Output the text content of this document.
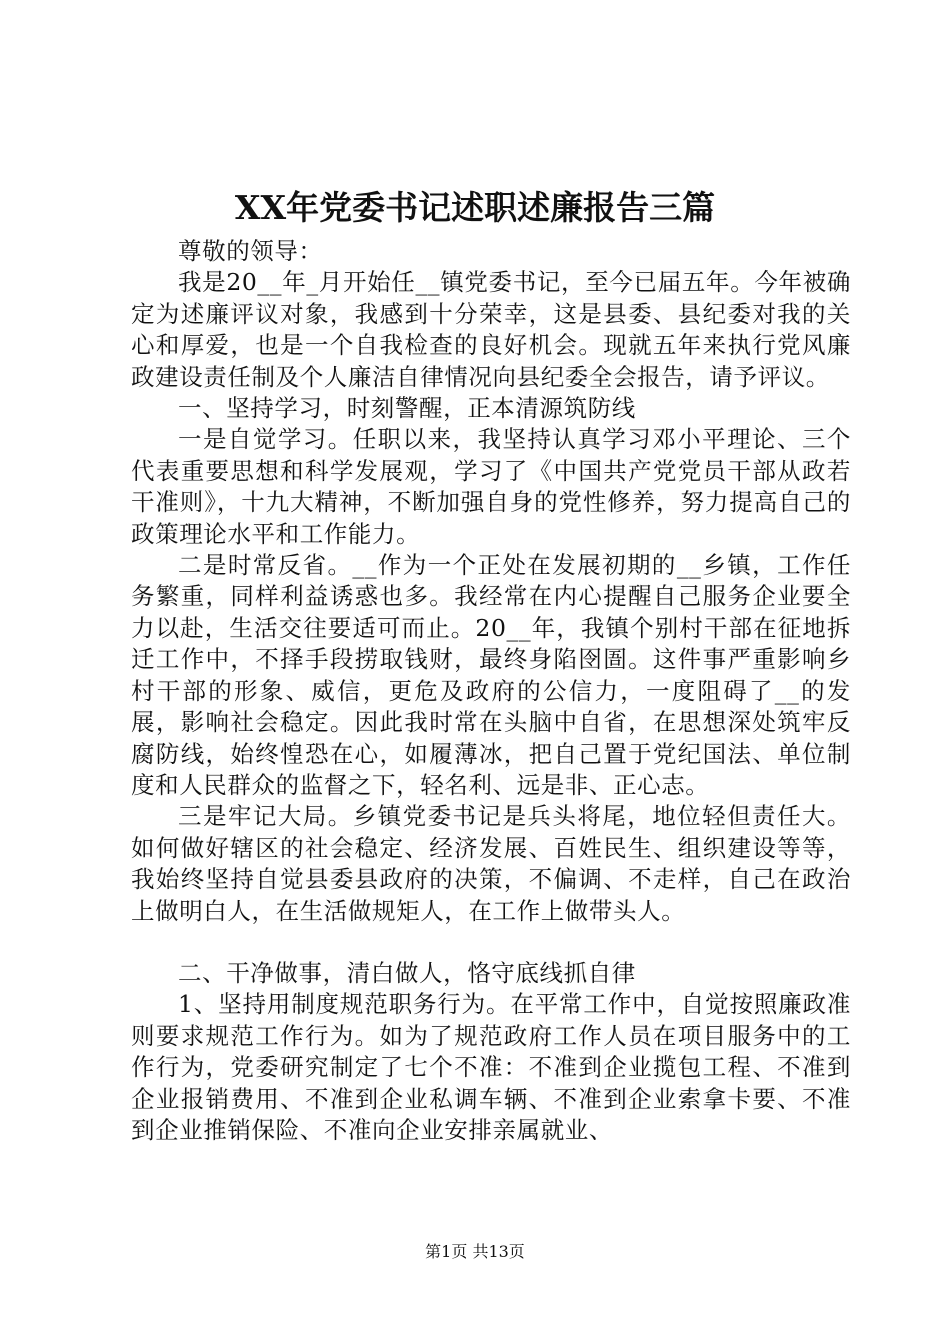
XX年党委书记述职述廉报告三篇

尊敬的领导：

我是20__年_月开始任__镇党委书记，至今已届五年。今年被确定为述廉评议对象，我感到十分荣幸，这是县委、县纪委对我的关心和厚爱，也是一个自我检查的良好机会。现就五年来执行党风廉政建设责任制及个人廉洁自律情况向县纪委全会报告，请予评议。

一、坚持学习，时刻警醒，正本清源筑防线

一是自觉学习。任职以来，我坚持认真学习邓小平理论、三个代表重要思想和科学发展观，学习了《中国共产党党员干部从政若干准则》，十九大精神，不断加强自身的党性修养，努力提高自己的政策理论水平和工作能力。

二是时常反省。__作为一个正处在发展初期的__乡镇，工作任务繁重，同样利益诱惑也多。我经常在内心提醒自己服务企业要全力以赴，生活交往要适可而止。20__年，我镇个别村干部在征地拆迁工作中，不择手段捞取钱财，最终身陷囹圄。这件事严重影响乡村干部的形象、威信，更危及政府的公信力，一度阻碍了__的发展，影响社会稳定。因此我时常在头脑中自省，在思想深处筑牢反腐防线，始终惶恐在心，如履薄冰，把自己置于党纪国法、单位制度和人民群众的监督之下，轻名利、远是非、正心志。

三是牢记大局。乡镇党委书记是兵头将尾，地位轻但责任大。如何做好辖区的社会稳定、经济发展、百姓民生、组织建设等等，我始终坚持自觉县委县政府的决策，不偏调、不走样，自己在政治上做明白人，在生活做规矩人，在工作上做带头人。

二、干净做事，清白做人，恪守底线抓自律

1、坚持用制度规范职务行为。在平常工作中，自觉按照廉政准则要求规范工作行为。如为了规范政府工作人员在项目服务中的工作行为，党委研究制定了七个不准：不准到企业揽包工程、不准到企业报销费用、不准到企业私调车辆、不准到企业索拿卡要、不准到企业推销保险、不准向企业安排亲属就业、

第1页 共13页
